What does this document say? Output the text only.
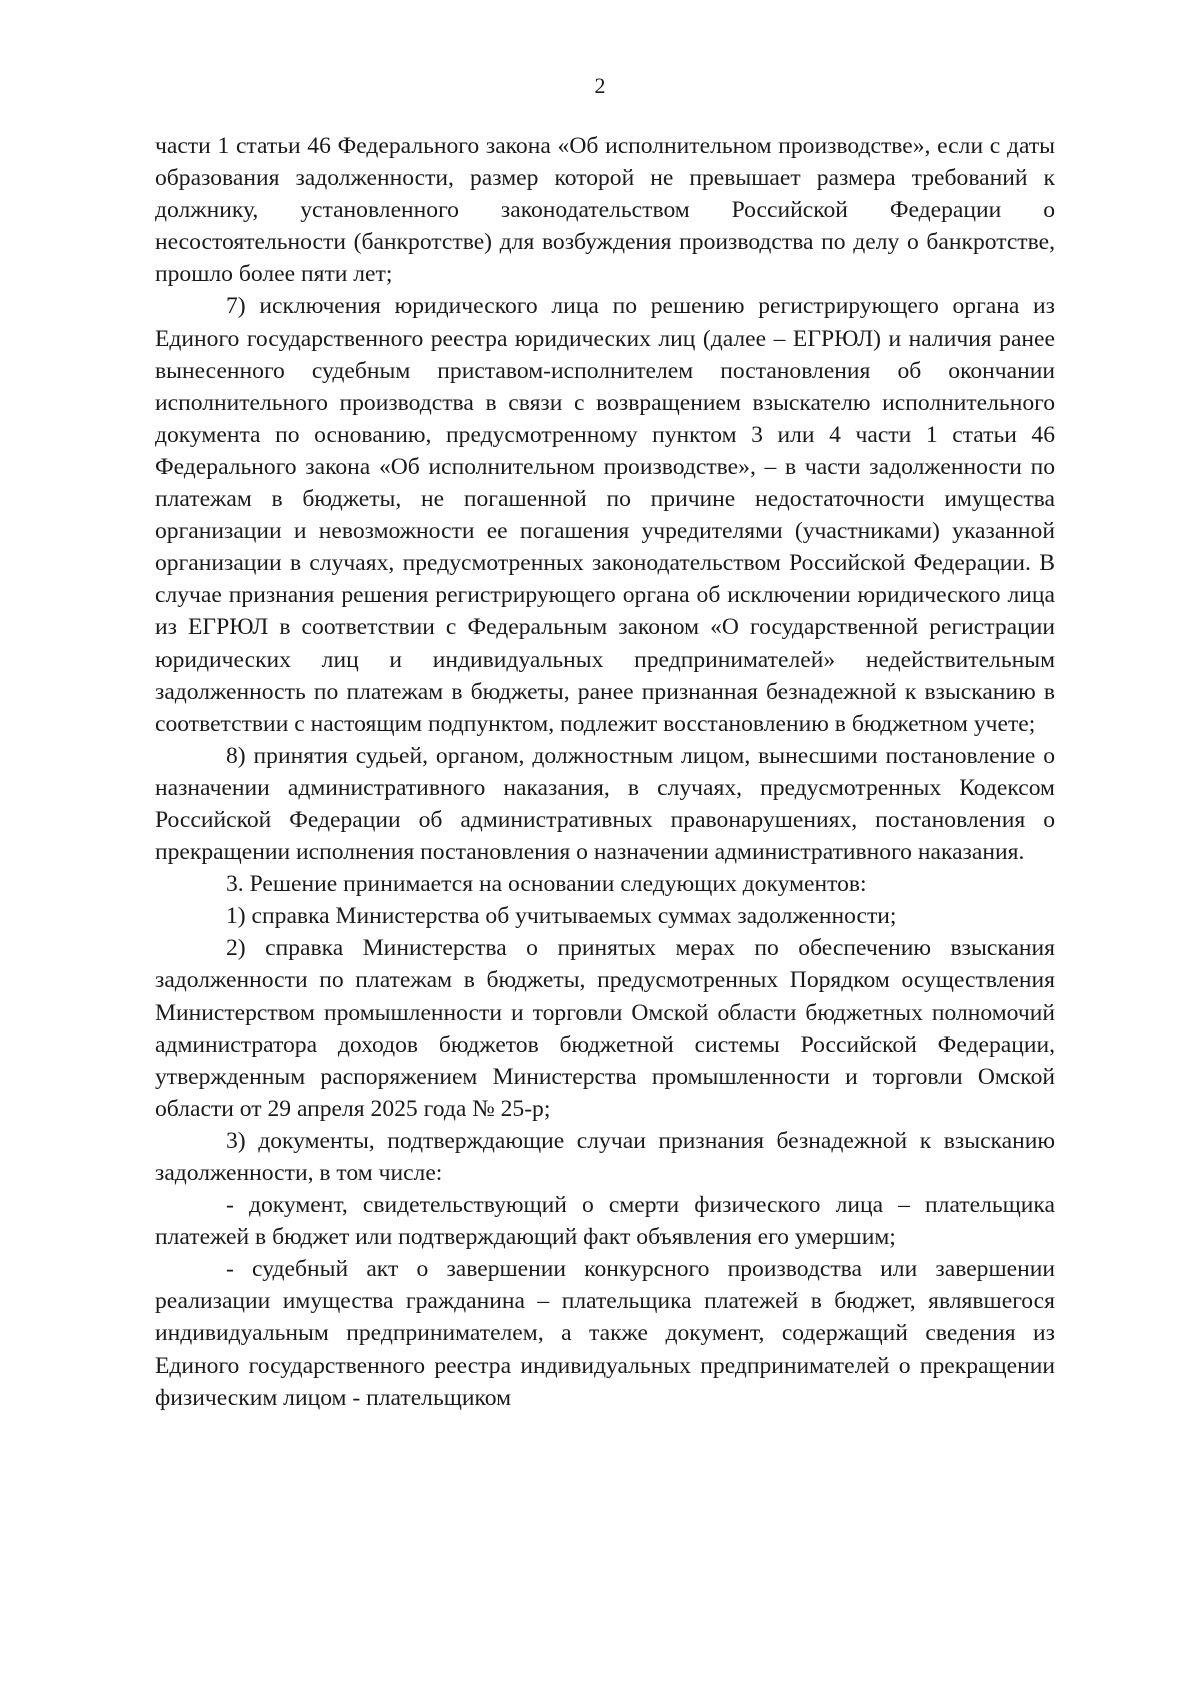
2

части 1 статьи 46 Федерального закона «Об исполнительном производстве», если с даты образования задолженности, размер которой не превышает размера требований к должнику, установленного законодательством Российской Федерации о несостоятельности (банкротстве) для возбуждения производства по делу о банкротстве, прошло более пяти лет;

7) исключения юридического лица по решению регистрирующего органа из Единого государственного реестра юридических лиц (далее – ЕГРЮЛ) и наличия ранее вынесенного судебным приставом-исполнителем постановления об окончании исполнительного производства в связи с возвращением взыскателю исполнительного документа по основанию, предусмотренному пунктом 3 или 4 части 1 статьи 46 Федерального закона «Об исполнительном производстве», – в части задолженности по платежам в бюджеты, не погашенной по причине недостаточности имущества организации и невозможности ее погашения учредителями (участниками) указанной организации в случаях, предусмотренных законодательством Российской Федерации. В случае признания решения регистрирующего органа об исключении юридического лица из ЕГРЮЛ в соответствии с Федеральным законом «О государственной регистрации юридических лиц и индивидуальных предпринимателей» недействительным задолженность по платежам в бюджеты, ранее признанная безнадежной к взысканию в соответствии с настоящим подпунктом, подлежит восстановлению в бюджетном учете;

8) принятия судьей, органом, должностным лицом, вынесшими постановление о назначении административного наказания, в случаях, предусмотренных Кодексом Российской Федерации об административных правонарушениях, постановления о прекращении исполнения постановления о назначении административного наказания.

3. Решение принимается на основании следующих документов:

1) справка Министерства об учитываемых суммах задолженности;

2) справка Министерства о принятых мерах по обеспечению взыскания задолженности по платежам в бюджеты, предусмотренных Порядком осуществления Министерством промышленности и торговли Омской области бюджетных полномочий администратора доходов бюджетов бюджетной системы Российской Федерации, утвержденным распоряжением Министерства промышленности и торговли Омской области от 29 апреля 2025 года № 25-р;

3) документы, подтверждающие случаи признания безнадежной к взысканию задолженности, в том числе:

- документ, свидетельствующий о смерти физического лица – плательщика платежей в бюджет или подтверждающий факт объявления его умершим;

- судебный акт о завершении конкурсного производства или завершении реализации имущества гражданина – плательщика платежей в бюджет, являвшегося индивидуальным предпринимателем, а также документ, содержащий сведения из Единого государственного реестра индивидуальных предпринимателей о прекращении физическим лицом - плательщиком
